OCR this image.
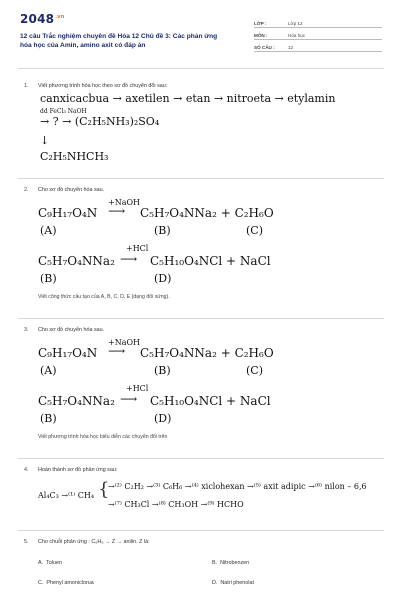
$2048^{.vn}$
12 câu Trắc nghiệm chuyên đề Hóa 12 Chủ đề 3: Các phản ứng hóa học của Amin, amino axit có đáp án
LỚP :	Lớp 12
MÔN :	Hóa học
SỐ CÂU :	12
1.	Viết phương trình hóa học theo sơ đồ chuyển đổi sau:
canxicacbua → axetilen → etan → nitroeta → etylamin
dd FeCl₃ NaOH
→ ? → (C₂H₅NH₃)₂SO₄
↓
C₂H₅NHCH₃
2.	Cho sơ đồ chuyển hóa sau.
C₉H₁₇O₄N
+NaOH
⟶ C₅H₇O₄NNa₂ + C₂H₆O
(A)	(B)	(C)
C₅H₇O₄NNa₂
+HCl
⟶ C₅H₁₀O₄NCl + NaCl
(B)	(D)
Viết công thức cấu tạo của A, B, C, D, E (dạng đối xứng).
3.	Cho sơ đồ chuyển hóa sau.
C₉H₁₇O₄N
+NaOH
⟶ C₅H₇O₄NNa₂ + C₂H₆O
(A)	(B)	(C)
C₅H₇O₄NNa₂
+HCl
⟶ C₅H₁₀O₄NCl + NaCl
(B)	(D)
Viết phương trình hóa học biểu diễn các chuyển đổi trên
4.	Hoàn thành sơ đồ phản ứng sau:
Al₄C₃ →⁽¹⁾ CH₄ {
→⁽²⁾ C₂H₂ →⁽³⁾ C₆H₆ →⁽⁴⁾ xiclohexan →⁽⁵⁾ axit adipic →⁽⁶⁾ nilon – 6,6
→⁽⁷⁾ CH₃Cl →⁽⁸⁾ CH₃OH →⁽⁹⁾ HCHO
5.	Cho chuỗi phản ứng : C₆H₆ → Z → anilin. Z là:
A. Toluen	B. Nitrobenzen
C. Phenyl amoniclorua	D. Natri phenolat
